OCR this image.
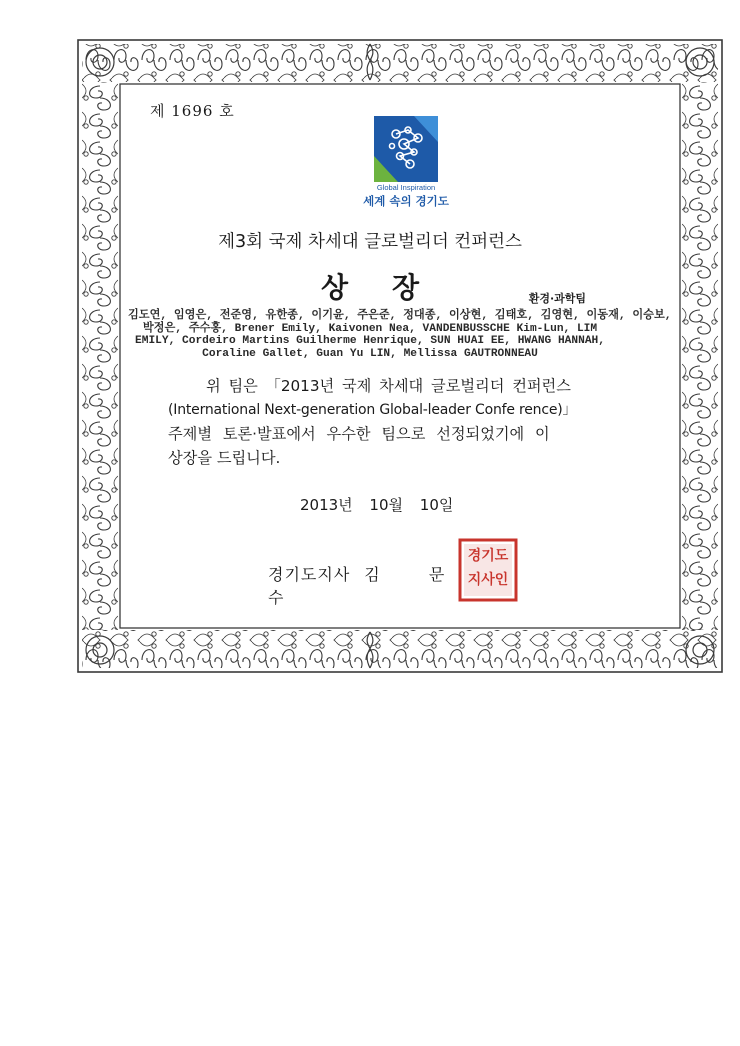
제 1696 호
Global Inspiration
세계 속의 경기도
제3회 국제 차세대 글로벌리더 컨퍼런스
상장	환경·과학팀
김도연, 임영은, 전준영, 유한종, 이기윤, 주은준, 정대종, 이상현, 김태호, 김영현, 이동재, 이승보,
박정은, 주수홍, Brener Emily, Kaivonen Nea, VANDENBUSSCHE Kim-Lun, LIM
EMILY, Cordeiro Martins Guilherme Henrique, SUN HUAI EE, HWANG HANNAH,
Coraline Gallet, Guan Yu LIN, Mellissa GAUTRONNEAU
위 팀은 「2013년 국제 차세대 글로벌리더 컨퍼런스
(International Next-generation Global-leader Confe rence)」
주제별 토론·발표에서 우수한 팀으로 선정되었기에 이
상장을 드립니다.
2013년 10월 10일
경기도지사 김 문 수
경기도
지사인
